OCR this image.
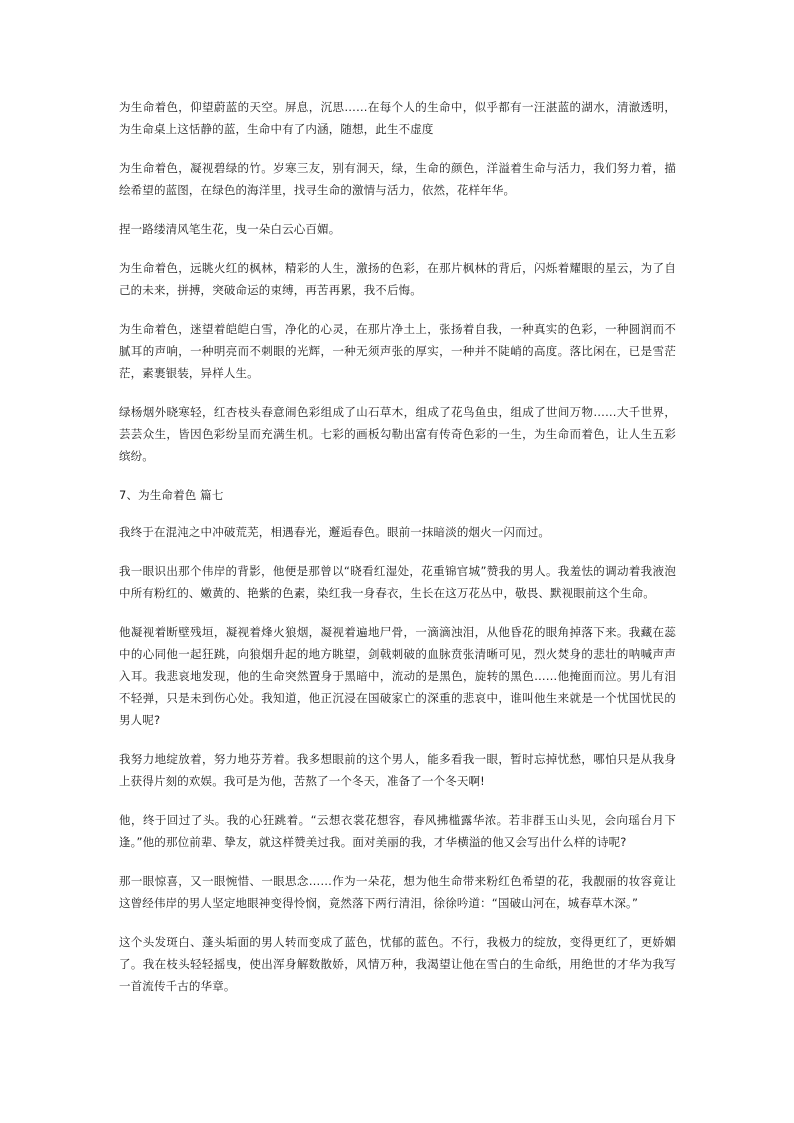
为生命着色，仰望蔚蓝的天空。屏息，沉思……在每个人的生命中，似乎都有一汪湛蓝的湖水，清澈透明，为生命桌上这恬静的蓝，生命中有了内涵，随想，此生不虚度

为生命着色，凝视碧绿的竹。岁寒三友，别有洞天，绿，生命的颜色，洋溢着生命与活力，我们努力着，描绘希望的蓝图，在绿色的海洋里，找寻生命的激情与活力，依然，花样年华。

捏一路缕清风笔生花，曳一朵白云心百媚。

为生命着色，远眺火红的枫林，精彩的人生，激扬的色彩，在那片枫林的背后，闪烁着耀眼的星云，为了自己的未来，拼搏，突破命运的束缚，再苦再累，我不后悔。

为生命着色，迷望着皑皑白雪，净化的心灵，在那片净土上，张扬着自我，一种真实的色彩，一种圆润而不腻耳的声响，一种明亮而不刺眼的光辉，一种无须声张的厚实，一种并不陡峭的高度。落比闲在，已是雪茫茫，素裹银装，异样人生。

绿杨烟外晓寒轻，红杏枝头春意闹色彩组成了山石草木，组成了花鸟鱼虫，组成了世间万物……大千世界，芸芸众生，皆因色彩纷呈而充满生机。七彩的画板勾勒出富有传奇色彩的一生，为生命而着色，让人生五彩缤纷。

7、为生命着色 篇七

我终于在混沌之中冲破荒芜，相遇春光，邂逅春色。眼前一抹暗淡的烟火一闪而过。

我一眼识出那个伟岸的背影，他便是那曾以“晓看红湿处，花重锦官城”赞我的男人。我羞怯的调动着我液泡中所有粉红的、嫩黄的、艳紫的色素，染红我一身春衣，生长在这万花丛中，敬畏、默视眼前这个生命。

他凝视着断壁残垣，凝视着烽火狼烟，凝视着遍地尸骨，一滴滴浊泪，从他昏花的眼角掉落下来。我藏在蕊中的心同他一起狂跳，向狼烟升起的地方眺望，剑戟刺破的血脉贲张清晰可见，烈火焚身的悲壮的呐喊声声入耳。我悲哀地发现，他的生命突然置身于黑暗中，流动的是黑色，旋转的黑色……他掩面而泣。男儿有泪不轻弹，只是未到伤心处。我知道，他正沉浸在国破家亡的深重的悲哀中，谁叫他生来就是一个忧国忧民的男人呢?

我努力地绽放着，努力地芬芳着。我多想眼前的这个男人，能多看我一眼，暂时忘掉忧愁，哪怕只是从我身上获得片刻的欢娱。我可是为他，苦熬了一个冬天，准备了一个冬天啊!

他，终于回过了头。我的心狂跳着。“云想衣裳花想容，春风拂槛露华浓。若非群玉山头见，会向瑶台月下逢。”他的那位前辈、挚友，就这样赞美过我。面对美丽的我，才华横溢的他又会写出什么样的诗呢?

那一眼惊喜，又一眼惋惜、一眼思念……作为一朵花，想为他生命带来粉红色希望的花，我靓丽的妆容竟让这曾经伟岸的男人坚定地眼神变得怜悯，竟然落下两行清泪，徐徐吟道：“国破山河在，城春草木深。”

这个头发斑白、蓬头垢面的男人转而变成了蓝色，忧郁的蓝色。不行，我极力的绽放，变得更红了，更娇媚了。我在枝头轻轻摇曳，使出浑身解数散娇，风情万种，我渴望让他在雪白的生命纸，用绝世的才华为我写一首流传千古的华章。
